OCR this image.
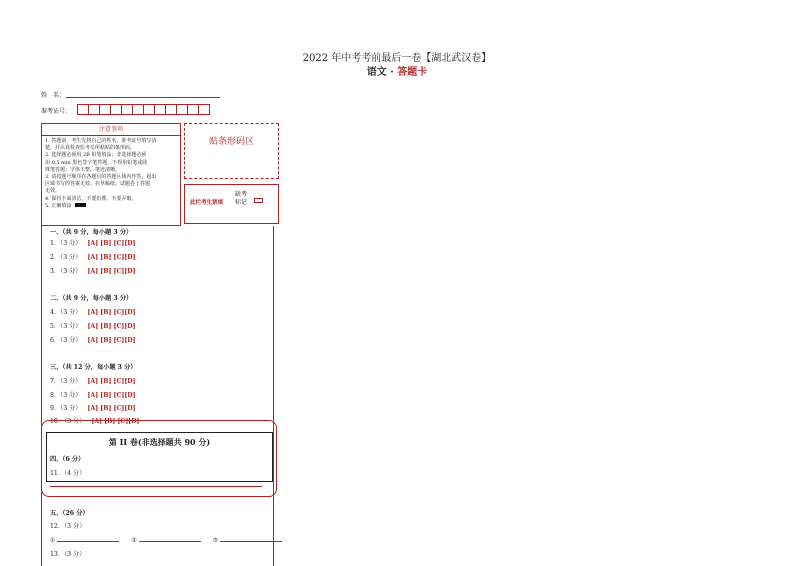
2022 年中考考前最后一卷【湖北武汉卷】
语文 · 答题卡
姓　名：
准考证号：
注意事项
1. 答题前，考生先将自己的姓名，准考证号填写清
楚，并认真检查监考员所粘贴的条形码。
2. 选择题必须用 2B 铅笔填涂；非选择题必须
用 0.5 mm 黑色签字笔答题，不得用铅笔或圆
珠笔答题；字体工整、笔迹清晰。
3. 请按题号顺序在各题目的答题区域内作答，超出
区域书写的答案无效；在草稿纸、试题卷上答题
无效。
4. 保持卡面清洁，不要折叠、不要弄破。
5. 正确填涂
贴条形码区
此栏考生禁填
缺考
标记
一、（共 9 分，每小题 3 分）
1．（3 分） [A] [B] [C][D]
2．（3 分） [A] [B] [C][D]
3．（3 分） [A] [B] [C][D]
二、（共 9 分，每小题 3 分）
4．（3 分） [A] [B] [C][D]
5．（3 分） [A] [B] [C][D]
6．（3 分） [A] [B] [C][D]
三、（共 12 分，每小题 3 分）
7．（3 分） [A] [B] [C][D]
8．（3 分） [A] [B] [C][D]
9．（3 分） [A] [B] [C][D]
10．（3 分） [A] [B] [C][D]
第 II 卷(非选择题共 90 分)
四、（6 分）
11．（4 分）
五、（26 分）
12．（3 分）
①	②	③
13．（3 分）
